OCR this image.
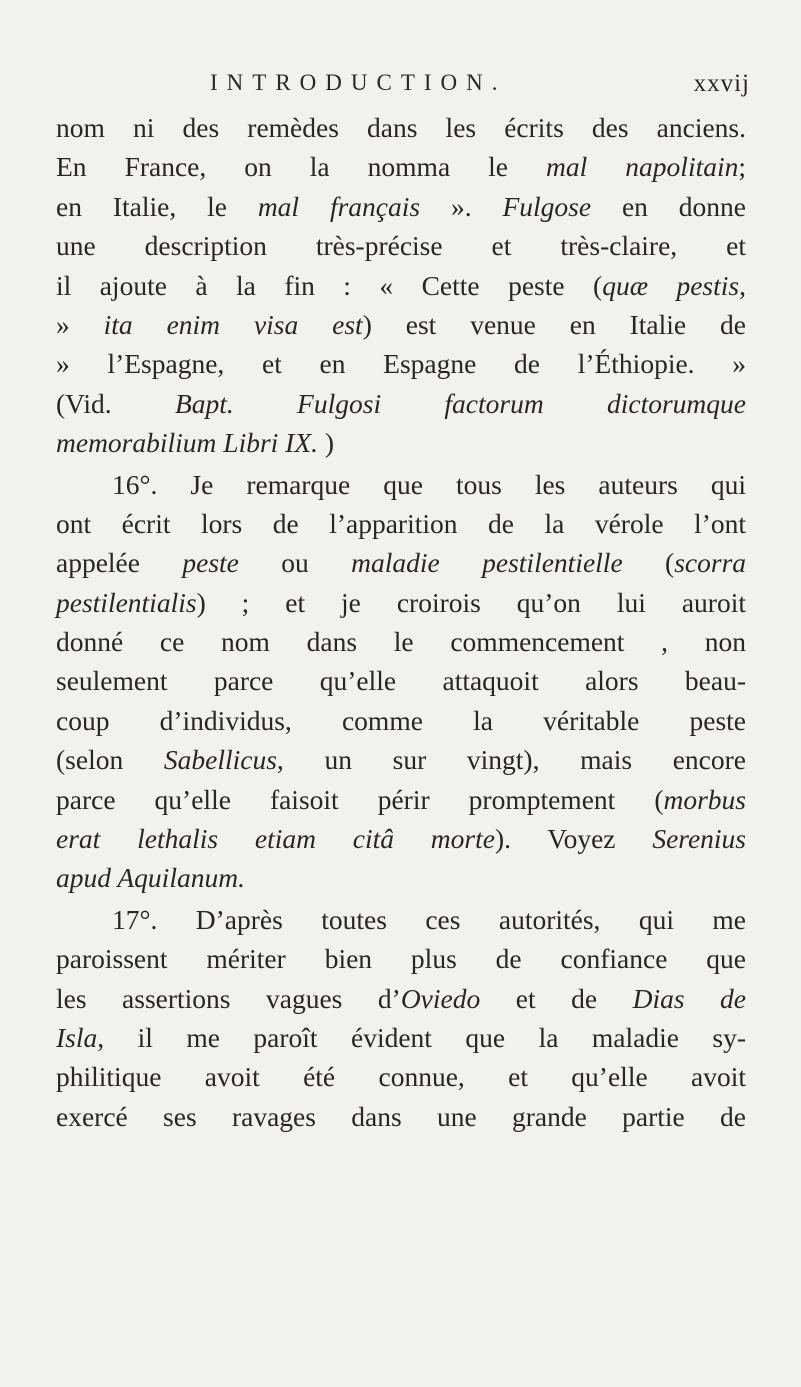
INTRODUCTION.	xxvij
nom ni des remèdes dans les écrits des anciens.
En France, on la nomma le mal napolitain;
en Italie, le mal français ». Fulgose en donne
une description très-précise et très-claire, et
il ajoute à la fin : « Cette peste (quæ pestis,
» ita enim visa est) est venue en Italie de
» l’Espagne, et en Espagne de l’Éthiopie. »
(Vid. Bapt. Fulgosi factorum dictorumque
memorabilium Libri IX. )
16°. Je remarque que tous les auteurs qui
ont écrit lors de l’apparition de la vérole l’ont
appelée peste ou maladie pestilentielle (scorra
pestilentialis) ; et je croirois qu’on lui auroit
donné ce nom dans le commencement , non
seulement parce qu’elle attaquoit alors beau-
coup d’individus, comme la véritable peste
(selon Sabellicus, un sur vingt), mais encore
parce qu’elle faisoit périr promptement (morbus
erat lethalis etiam citâ morte). Voyez Serenius
apud Aquilanum.
17°. D’après toutes ces autorités, qui me
paroissent mériter bien plus de confiance que
les assertions vagues d’Oviedo et de Dias de
Isla, il me paroît évident que la maladie sy-
philitique avoit été connue, et qu’elle avoit
exercé ses ravages dans une grande partie de
